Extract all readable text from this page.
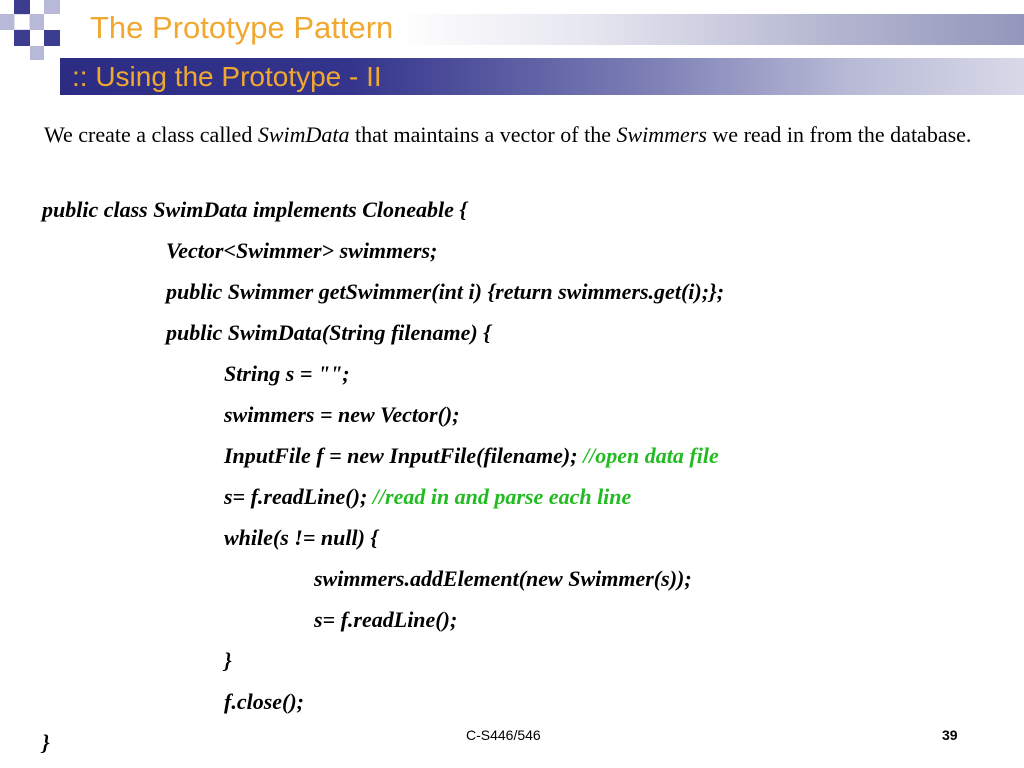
The Prototype Pattern
:: Using the Prototype - II
We create a class called SwimData that maintains a vector of the Swimmers we read in from the database.
public class SwimData implements Cloneable {
Vector<Swimmer> swimmers;
public Swimmer getSwimmer(int i) {return swimmers.get(i);};
public SwimData(String filename) {
String s = "";
swimmers = new Vector();
InputFile f = new InputFile(filename); //open data file
s= f.readLine(); //read in and parse each line
while(s != null) {
swimmers.addElement(new Swimmer(s));
s= f.readLine();
}
f.close();
}	C-S446/546	39
